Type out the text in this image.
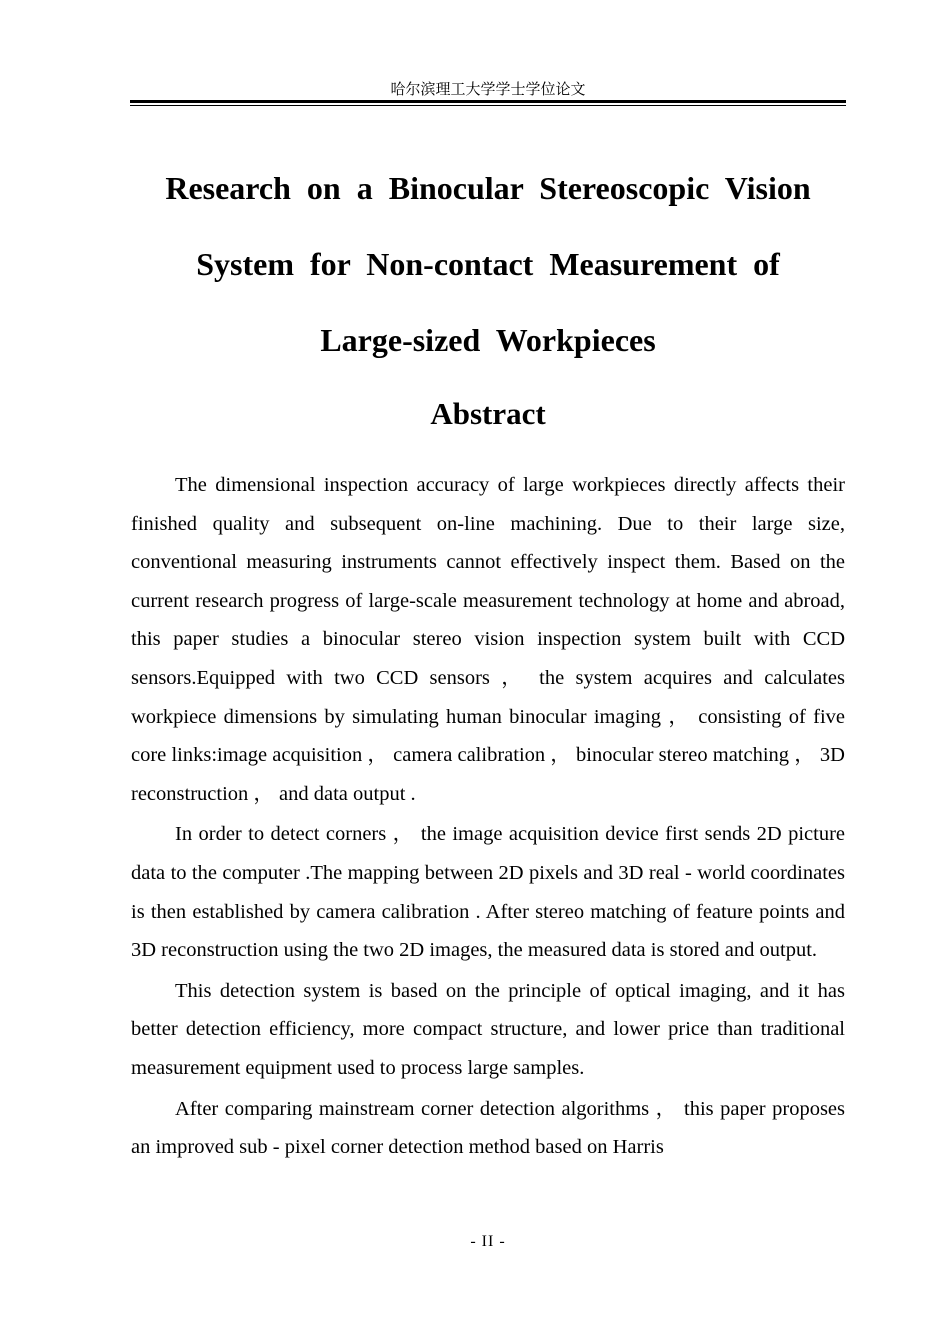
哈尔滨理工大学学士学位论文
Research on a Binocular Stereoscopic Vision
System for Non-contact Measurement of
Large-sized Workpieces
Abstract

The dimensional inspection accuracy of large workpieces directly affects their finished quality and subsequent on-line machining. Due to their large size, conventional measuring instruments cannot effectively inspect them. Based on the current research progress of large-scale measurement technology at home and abroad, this paper studies a binocular stereo vision inspection system built with CCD sensors.Equipped with two CCD sensors ， the system acquires and calculates workpiece dimensions by simulating human binocular imaging ， consisting of five core links:image acquisition ， camera calibration ， binocular stereo matching ， 3D reconstruction ， and data output .

In order to detect corners ， the image acquisition device first sends 2D picture data to the computer .The mapping between 2D pixels and 3D real - world coordinates is then established by camera calibration . After stereo matching of feature points and 3D reconstruction using the two 2D images, the measured data is stored and output.

This detection system is based on the principle of optical imaging, and it has better detection efficiency, more compact structure, and lower price than traditional measurement equipment used to process large samples.

After comparing mainstream corner detection algorithms ， this paper proposes an improved sub - pixel corner detection method based on Harris

- II -
